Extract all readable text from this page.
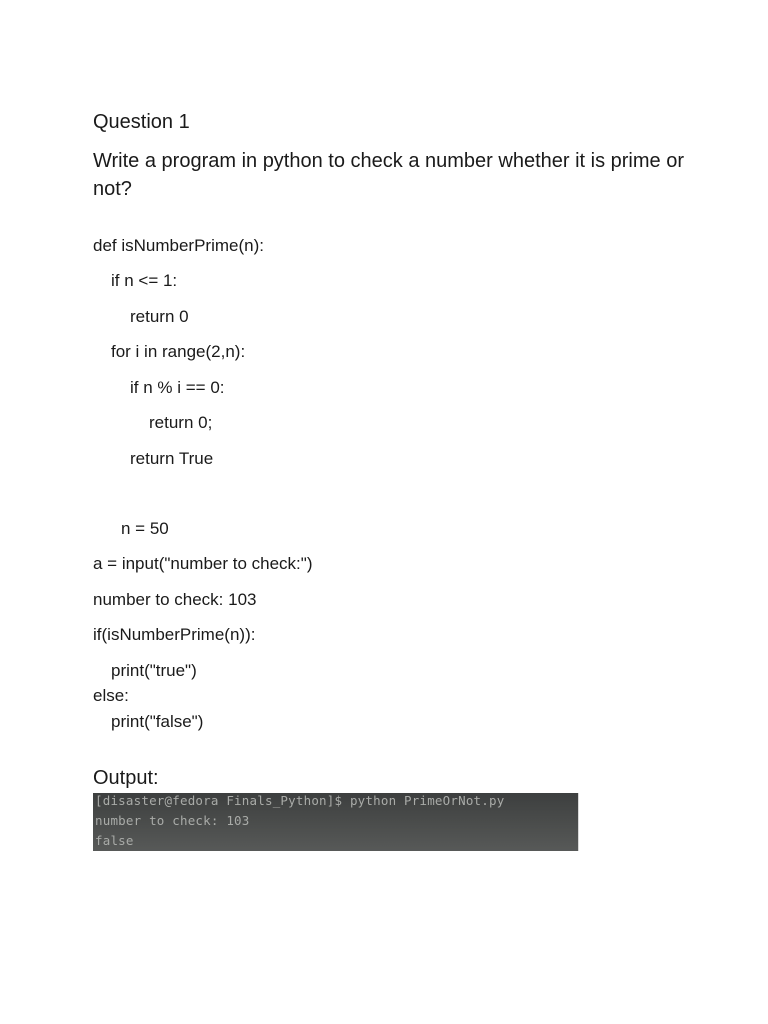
Question 1
Write a program in python to check a number whether it is prime or not?
def isNumberPrime(n):
if n <= 1:
return 0
for i in range(2,n):
if n % i == 0:
return 0;
return True
n = 50
a = input("number to check:")
number to check: 103
if(isNumberPrime(n)):
print("true")
else:
print("false")
Output:
[disaster@fedora Finals_Python]$ python PrimeOrNot.py
number to check: 103
false
